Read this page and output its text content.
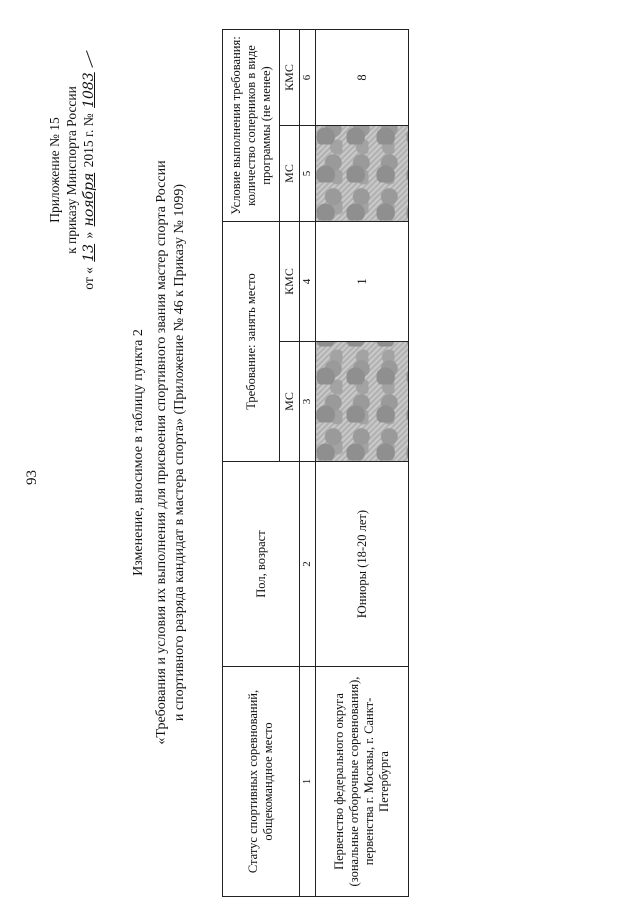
93
Приложение № 15 к приказу Минспорта России
от « 13 » ноября 2015 г. № 1083
Изменение, вносимое в таблицу пункта 2 «Требования и условия их выполнения для присвоения спортивного звания мастер спорта России и спортивного разряда кандидат в мастера спорта» (Приложение № 46 к Приказу № 1099)
Статус спортивных соревнований, общекомандное место	Пол, возраст	Требование: занять место		Условие выполнения требования: количество соперников в виде программы (не менее)	
		МС	КМС	МС	КМС
1	2	3	4	5	6
Первенство федерального округа (зональные отборочные соревнования), первенства г. Москвы, г. Санкт-Петербурга	Юниоры (18-20 лет)		1		8
